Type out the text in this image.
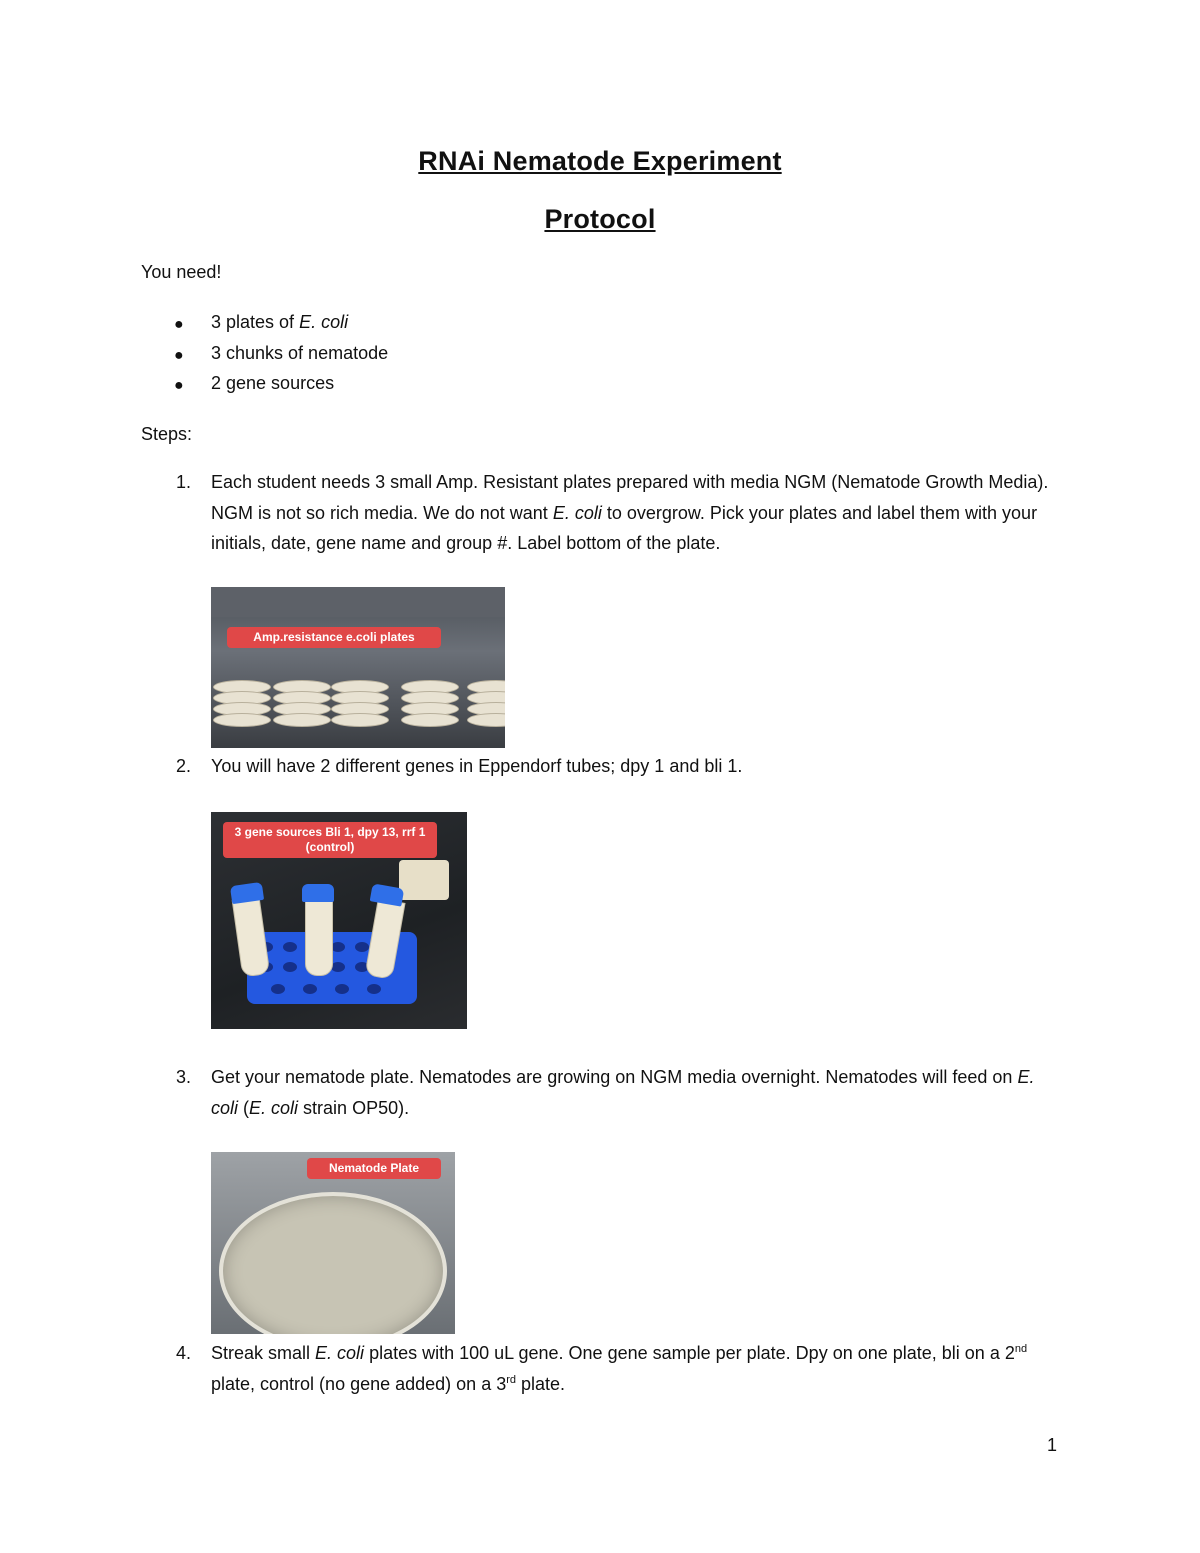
RNAi Nematode Experiment
Protocol
You need!
● 3 plates of E. coli
● 3 chunks of nematode
● 2 gene sources
Steps:
1. Each student needs 3 small Amp. Resistant plates prepared with media NGM (Nematode Growth Media). NGM is not so rich media. We do not want E. coli to overgrow. Pick your plates and label them with your initials, date, gene name and group #. Label bottom of the plate.
Amp.resistance e.coli plates
2. You will have 2 different genes in Eppendorf tubes; dpy 1 and bli 1.
3 gene sources Bli 1, dpy 13, rrf 1 (control)
3. Get your nematode plate. Nematodes are growing on NGM media overnight. Nematodes will feed on E. coli (E. coli strain OP50).
Nematode Plate
4. Streak small E. coli plates with 100 uL gene. One gene sample per plate. Dpy on one plate, bli on a 2nd plate, control (no gene added) on a 3rd plate.
1
